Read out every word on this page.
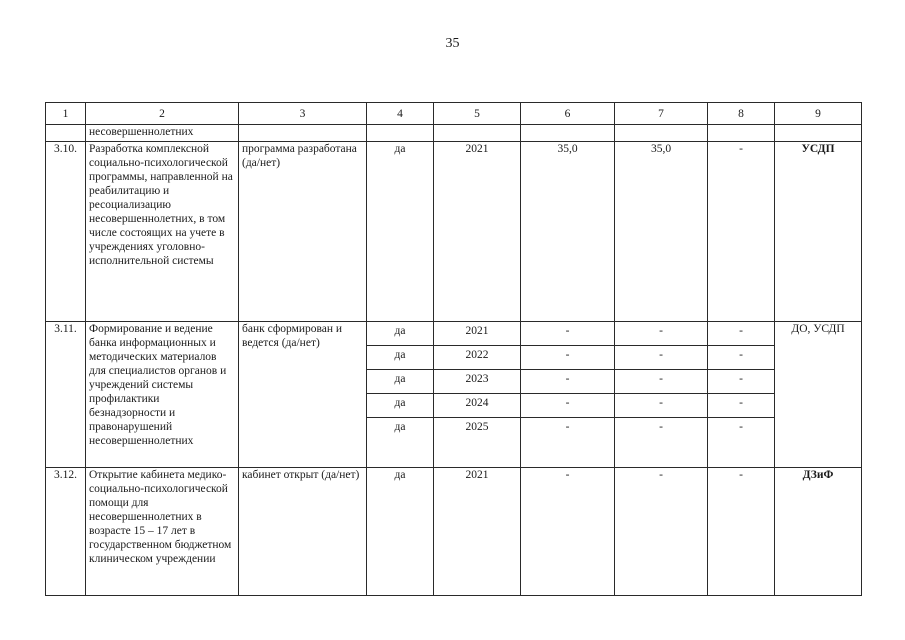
35
1	2	3	4	5	6	7	8	9
	несовершеннолетних							
3.10.	Разработка комплексной социально-психологической программы, направленной на реабилитацию и ресоциализацию несовершеннолетних, в том числе состоящих на учете в учреждениях уголовно-исполнительной системы	программа разработана (да/нет)	да	2021	35,0	35,0	-	УСДП
3.11.	Формирование и ведение банка информационных и методических материалов для специалистов органов и учреждений системы профилактики безнадзорности и правонарушений несовершеннолетних	банк сформирован и ведется (да/нет)	да	2021	-	-	-	ДО, УСДП
			да	2022	-	-	-	
			да	2023	-	-	-	
			да	2024	-	-	-	
			да	2025	-	-	-	
3.12.	Открытие кабинета медико-социально-психологической помощи для несовершеннолетних в возрасте 15 – 17 лет в государственном бюджетном клиническом учреждении	кабинет открыт (да/нет)	да	2021	-	-	-	ДЗиФ
